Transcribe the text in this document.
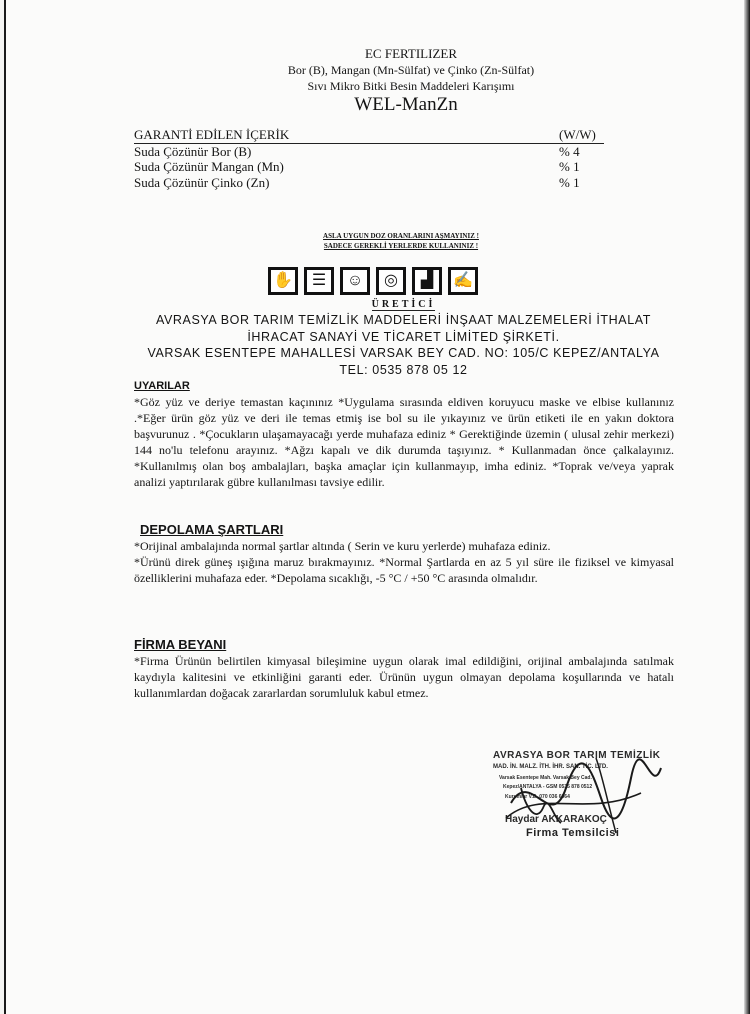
EC FERTILIZER
Bor (B), Mangan (Mn-Sülfat) ve Çinko (Zn-Sülfat)
Sıvı Mikro Bitki Besin Maddeleri Karışımı
WEL-ManZn
GARANTİ EDİLEN İÇERİK	(W/W)
Suda Çözünür Bor (B)	% 4
Suda Çözünür Mangan (Mn)	% 1
Suda Çözünür Çinko (Zn)	% 1
ASLA UYGUN DOZ ORANLARINI AŞMAYINIZ !
SADECE GEREKLİ YERLERDE KULLANINIZ !
✋	☰	☺	◎	▟	✍
ÜRETİCİ
AVRASYA BOR TARIM TEMİZLİK MADDELERİ İNŞAAT MALZEMELERİ İTHALAT
İHRACAT SANAYİ VE TİCARET LİMİTED ŞİRKETİ.
VARSAK ESENTEPE MAHALLESİ VARSAK BEY CAD. NO: 105/C KEPEZ/ANTALYA
TEL: 0535 878 05 12
UYARILAR
*Göz yüz ve deriye temastan kaçınınız *Uygulama sırasında eldiven koruyucu maske ve elbise kullanınız .*Eğer ürün göz yüz ve deri ile temas etmiş ise bol su ile yıkayınız ve ürün etiketi ile en yakın doktora başvurunuz . *Çocukların ulaşamayacağı yerde muhafaza ediniz * Gerektiğinde üzemin ( ulusal zehir merkezi) 144 no'lu telefonu arayınız. *Ağzı kapalı ve dik durumda taşıyınız. * Kullanmadan önce çalkalayınız. *Kullanılmış olan boş ambalajları, başka amaçlar için kullanmayıp, imha ediniz. *Toprak ve/veya yaprak analizi yaptırılarak gübre kullanılması tavsiye edilir.
DEPOLAMA ŞARTLARI
*Orijinal ambalajında normal şartlar altında ( Serin ve kuru yerlerde) muhafaza ediniz.
*Ürünü direk güneş ışığına maruz bırakmayınız. *Normal Şartlarda en az 5 yıl süre ile fiziksel ve kimyasal özelliklerini muhafaza eder. *Depolama sıcaklığı, -5 °C / +50 °C arasında olmalıdır.
FİRMA BEYANI
*Firma Ürünün belirtilen kimyasal bileşimine uygun olarak imal edildiğini, orijinal ambalajında satılmak kaydıyla kalitesini ve etkinliğini garanti eder. Ürünün uygun olmayan depolama koşullarında ve hatalı kullanımlardan doğacak zararlardan sorumluluk kabul etmez.
AVRASYA BOR TARIM TEMİZLİK
MAD. İN. MALZ. İTH. İHR. SAN. TİC. LTD.
Varsak Esentepe Mah. Varsak Bey Cad.
Kepez/ANTALYA - GSM 0535 878 0512
Kurumlar V.D. 070 036 6664
Haydar AKKARAKOÇ
Firma Temsilcisi
